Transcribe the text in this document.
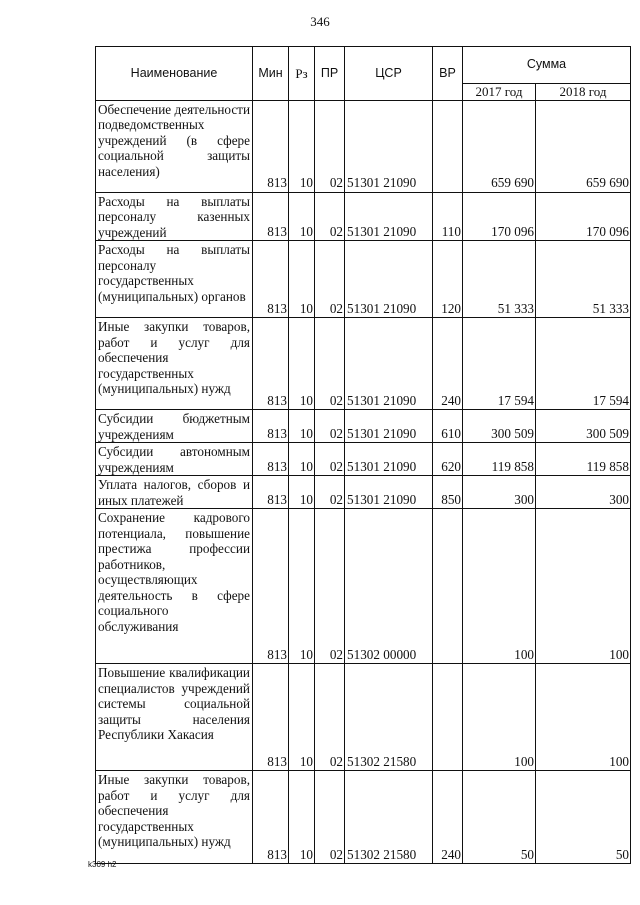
346
Наименование	Мин	Рз	ПР	ЦСР	ВР	Сумма	
						2017 год	2018 год
Обеспечение деятельности подведомственных учреждений (в сфере социальной защиты населения)	813	10	02	51301 21090		659 690	659 690
Расходы на выплаты персоналу казенных учреждений	813	10	02	51301 21090	110	170 096	170 096
Расходы на выплаты персоналу государственных (муниципальных) органов	813	10	02	51301 21090	120	51 333	51 333
Иные закупки товаров, работ и услуг для обеспечения государственных (муниципальных) нужд	813	10	02	51301 21090	240	17 594	17 594
Субсидии бюджетным учреждениям	813	10	02	51301 21090	610	300 509	300 509
Субсидии автономным учреждениям	813	10	02	51301 21090	620	119 858	119 858
Уплата налогов, сборов и иных платежей	813	10	02	51301 21090	850	300	300
Сохранение кадрового потенциала, повышение престижа профессии работников, осуществляющих деятельность в сфере социального обслуживания	813	10	02	51302 00000		100	100
Повышение квалификации специалистов учреждений системы социальной защиты населения Республики Хакасия	813	10	02	51302 21580		100	100
Иные закупки товаров, работ и услуг для обеспечения государственных (муниципальных) нужд	813	10	02	51302 21580	240	50	50
k309 h2
